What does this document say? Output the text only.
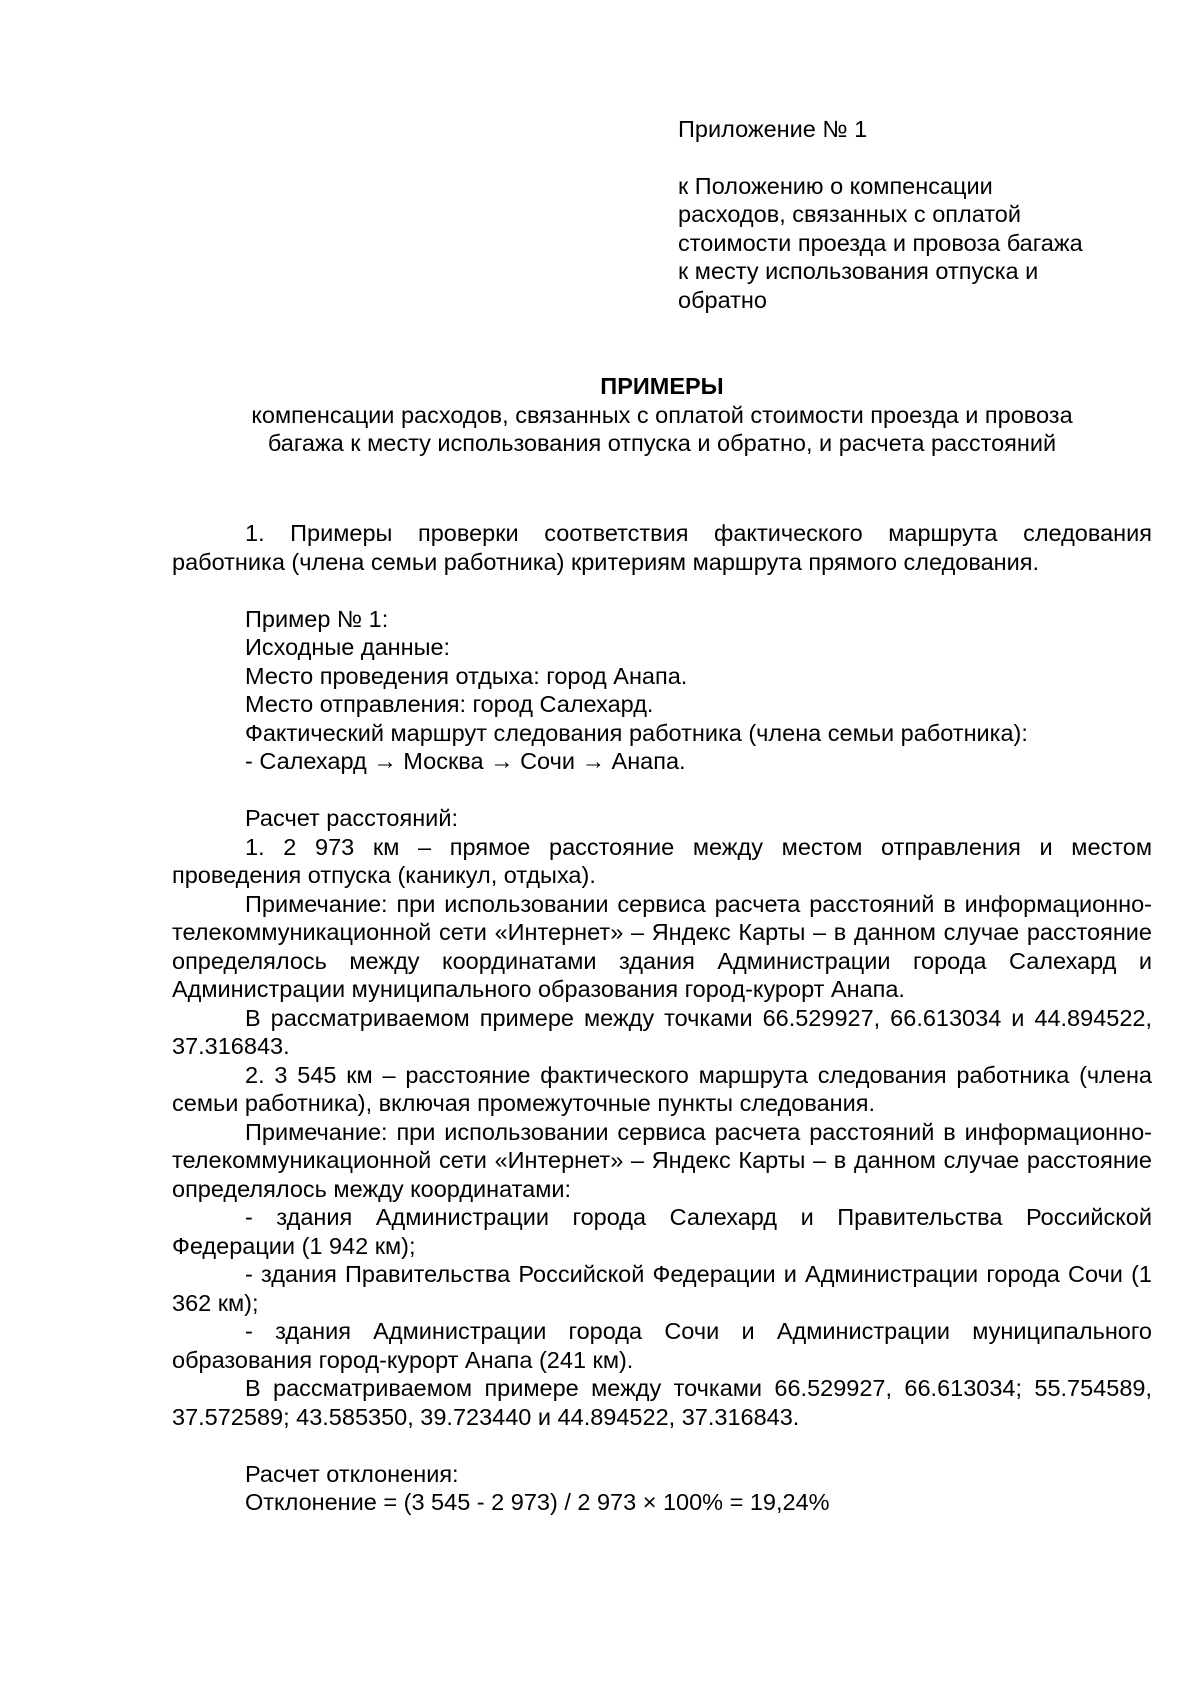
Приложение № 1
к Положению о компенсации
расходов, связанных с оплатой
стоимости проезда и провоза багажа
к месту использования отпуска и
обратно
ПРИМЕРЫ
компенсации расходов, связанных с оплатой стоимости проезда и провоза
багажа к месту использования отпуска и обратно, и расчета расстояний

1. Примеры проверки соответствия фактического маршрута следования работника (члена семьи работника) критериям маршрута прямого следования.

Пример № 1:

Исходные данные:

Место проведения отдыха: город Анапа.

Место отправления: город Салехард.

Фактический маршрут следования работника (члена семьи работника):

- Салехард → Москва → Сочи → Анапа.

Расчет расстояний:

1. 2 973 км – прямое расстояние между местом отправления и местом проведения отпуска (каникул, отдыха).

Примечание: при использовании сервиса расчета расстояний в информационно-телекоммуникационной сети «Интернет» – Яндекс Карты – в данном случае расстояние определялось между координатами здания Администрации города Салехард и Администрации муниципального образования город-курорт Анапа.

В рассматриваемом примере между точками 66.529927, 66.613034 и 44.894522, 37.316843.

2. 3 545 км – расстояние фактического маршрута следования работника (члена семьи работника), включая промежуточные пункты следования.

Примечание: при использовании сервиса расчета расстояний в информационно-телекоммуникационной сети «Интернет» – Яндекс Карты – в данном случае расстояние определялось между координатами:

- здания Администрации города Салехард и Правительства Российской Федерации (1 942 км);

- здания Правительства Российской Федерации и Администрации города Сочи (1 362 км);

- здания Администрации города Сочи и Администрации муниципального образования город-курорт Анапа (241 км).

В рассматриваемом примере между точками 66.529927, 66.613034; 55.754589, 37.572589; 43.585350, 39.723440 и 44.894522, 37.316843.

Расчет отклонения:

Отклонение = (3 545 - 2 973) / 2 973 × 100% = 19,24%
